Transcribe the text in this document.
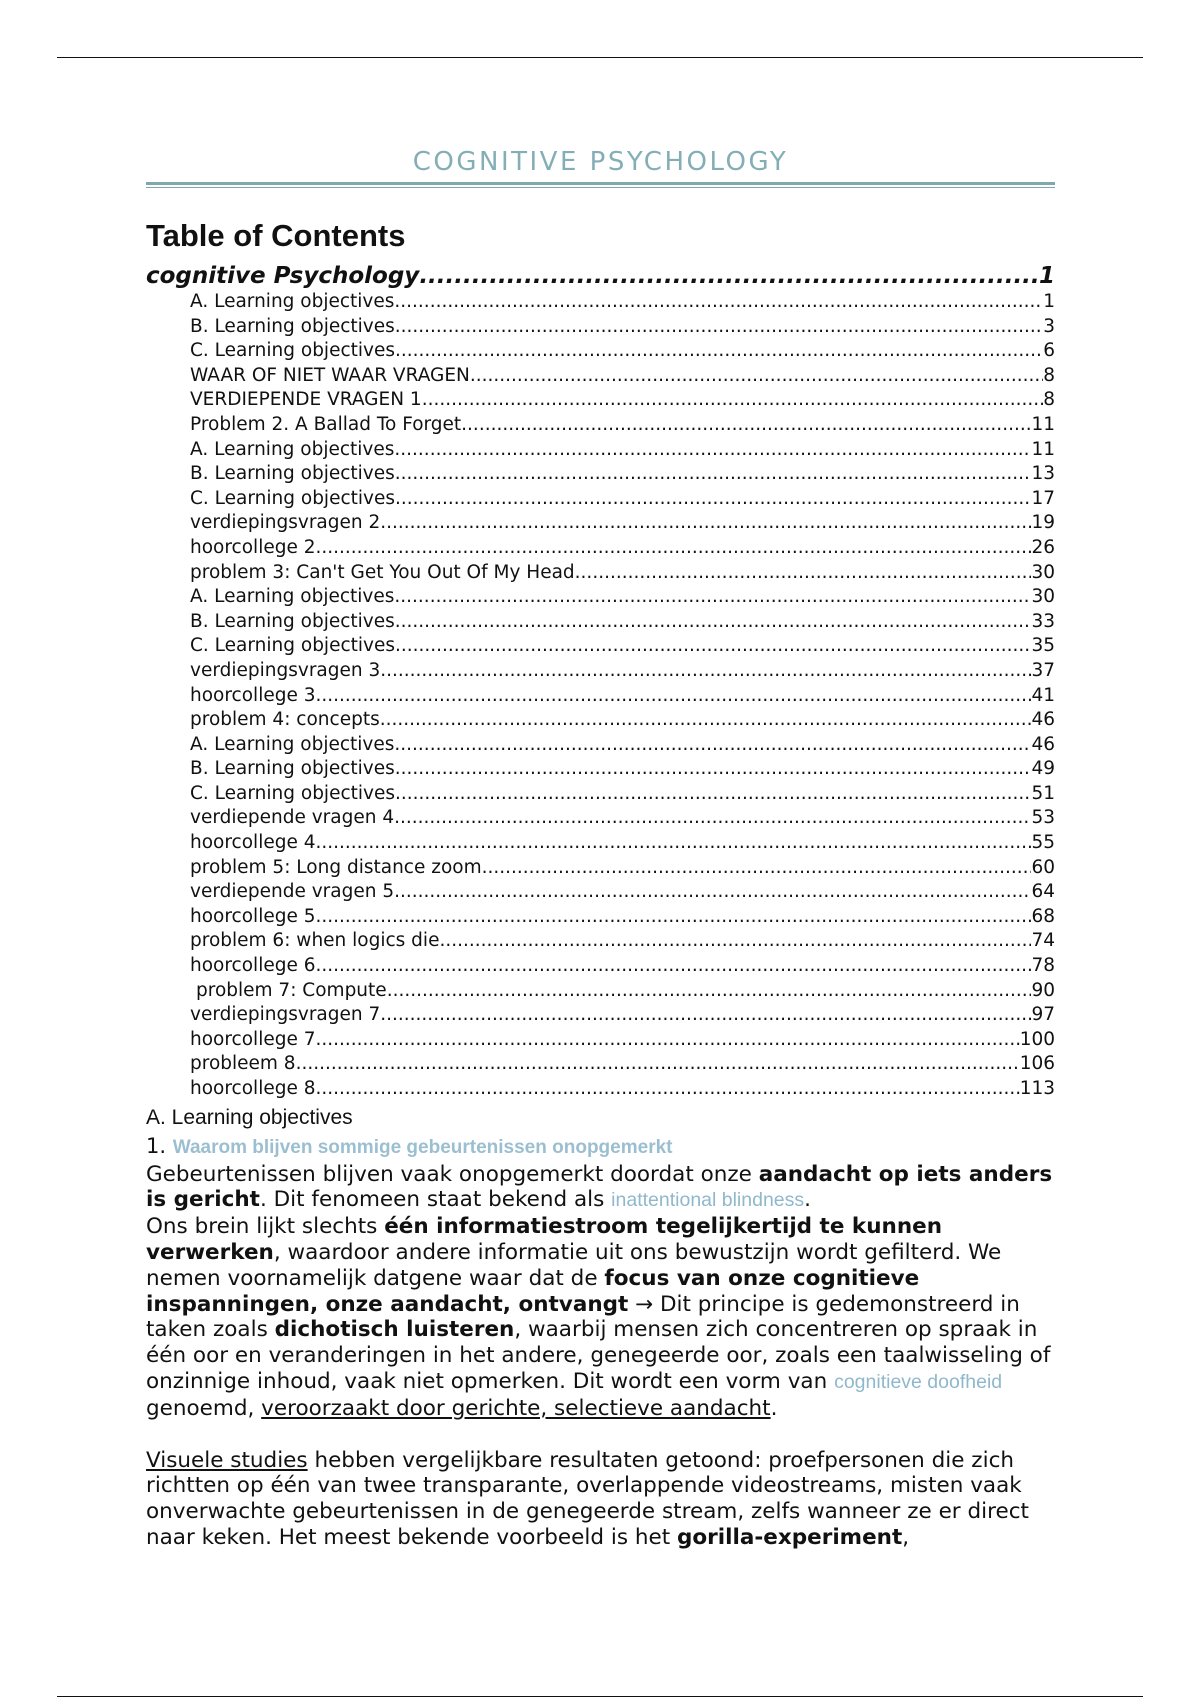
COGNITIVE PSYCHOLOGY
Table of Contents
cognitive Psychology .....	1
A. Learning objectives .....	1
B. Learning objectives .....	3
C. Learning objectives .....	6
WAAR OF NIET WAAR VRAGEN .....	8
VERDIEPENDE VRAGEN 1 .....	8
Problem 2. A Ballad To Forget .....	11
A. Learning objectives .....	11
B. Learning objectives .....	13
C. Learning objectives .....	17
verdiepingsvragen 2 .....	19
hoorcollege 2 .....	26
problem 3: Can't Get You Out Of My Head .....	30
A. Learning objectives .....	30
B. Learning objectives .....	33
C. Learning objectives .....	35
verdiepingsvragen 3 .....	37
hoorcollege 3 .....	41
problem 4: concepts .....	46
A. Learning objectives .....	46
B. Learning objectives .....	49
C. Learning objectives .....	51
verdiepende vragen 4 .....	53
hoorcollege 4 .....	55
problem 5: Long distance zoom .....	60
verdiepende vragen 5 .....	64
hoorcollege 5 .....	68
problem 6: when logics die .....	74
hoorcollege 6 .....	78
problem 7: Compute .....	90
verdiepingsvragen 7 .....	97
hoorcollege 7 .....	100
probleem 8 .....	106
hoorcollege 8 .....	113
A. Learning objectives
1. Waarom blijven sommige gebeurtenissen onopgemerkt

Gebeurtenissen blijven vaak onopgemerkt doordat onze aandacht op iets anders is gericht. Dit fenomeen staat bekend als inattentional blindness.

Ons brein lijkt slechts één informatiestroom tegelijkertijd te kunnen verwerken, waardoor andere informatie uit ons bewustzijn wordt gefilterd. We nemen voornamelijk datgene waar dat de focus van onze cognitieve inspanningen, onze aandacht, ontvangt → Dit principe is gedemonstreerd in taken zoals dichotisch luisteren, waarbij mensen zich concentreren op spraak in één oor en veranderingen in het andere, genegeerde oor, zoals een taalwisseling of onzinnige inhoud, vaak niet opmerken. Dit wordt een vorm van cognitieve doofheid genoemd, veroorzaakt door gerichte, selectieve aandacht.

Visuele studies hebben vergelijkbare resultaten getoond: proefpersonen die zich richtten op één van twee transparante, overlappende videostreams, misten vaak onverwachte gebeurtenissen in de genegeerde stream, zelfs wanneer ze er direct naar keken. Het meest bekende voorbeeld is het gorilla-experiment,
